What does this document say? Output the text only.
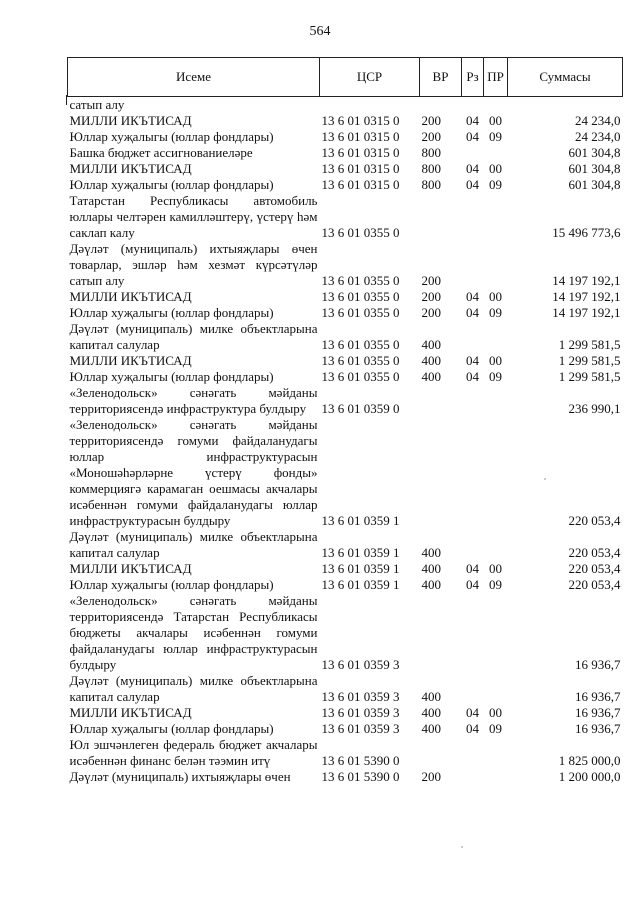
564
Исеме	ЦСР	ВР	Рз	ПР	Суммасы
сатып алу					
МИЛЛИ ИКЪТИСАД	13 6 01 0315 0	200	04	00	24 234,0
Юллар хуҗалыгы (юллар фондлары)	13 6 01 0315 0	200	04	09	24 234,0
Башка бюджет ассигнованиеләре	13 6 01 0315 0	800			601 304,8
МИЛЛИ ИКЪТИСАД	13 6 01 0315 0	800	04	00	601 304,8
Юллар хуҗалыгы (юллар фондлары)	13 6 01 0315 0	800	04	09	601 304,8
Татарстан Республикасы автомобиль юллары челтәрен камилләштерү, үстерү һәм саклап калу	13 6 01 0355 0				15 496 773,6
Дәүләт (муниципаль) ихтыяҗлары өчен товарлар, эшләр һәм хезмәт күрсәтүләр сатып алу	13 6 01 0355 0	200			14 197 192,1
МИЛЛИ ИКЪТИСАД	13 6 01 0355 0	200	04	00	14 197 192,1
Юллар хуҗалыгы (юллар фондлары)	13 6 01 0355 0	200	04	09	14 197 192,1
Дәүләт (муниципаль) милке объектларына капитал салулар	13 6 01 0355 0	400			1 299 581,5
МИЛЛИ ИКЪТИСАД	13 6 01 0355 0	400	04	00	1 299 581,5
Юллар хуҗалыгы (юллар фондлары)	13 6 01 0355 0	400	04	09	1 299 581,5
«Зеленодольск» сәнәгать мәйданы территориясендә инфраструктура булдыру	13 6 01 0359 0				236 990,1
«Зеленодольск» сәнәгать мәйданы территориясендә гомуми файдаланудагы юллар инфраструктурасын «Моношәһәрләрне үстерү фонды» коммерциягә карамаган оешмасы акчалары исәбеннән гомуми файдаланудагы юллар инфраструктурасын булдыру	13 6 01 0359 1				220 053,4
Дәүләт (муниципаль) милке объектларына капитал салулар	13 6 01 0359 1	400			220 053,4
МИЛЛИ ИКЪТИСАД	13 6 01 0359 1	400	04	00	220 053,4
Юллар хуҗалыгы (юллар фондлары)	13 6 01 0359 1	400	04	09	220 053,4
«Зеленодольск» сәнәгать мәйданы территориясендә Татарстан Республикасы бюджеты акчалары исәбеннән гомуми файдаланудагы юллар инфраструктурасын булдыру	13 6 01 0359 3				16 936,7
Дәүләт (муниципаль) милке объектларына капитал салулар	13 6 01 0359 3	400			16 936,7
МИЛЛИ ИКЪТИСАД	13 6 01 0359 3	400	04	00	16 936,7
Юллар хуҗалыгы (юллар фондлары)	13 6 01 0359 3	400	04	09	16 936,7
Юл эшчәнлеген федераль бюджет акчалары исәбеннән финанс белән тәэмин итү	13 6 01 5390 0				1 825 000,0
Дәүләт (муниципаль) ихтыяҗлары өчен	13 6 01 5390 0	200			1 200 000,0
